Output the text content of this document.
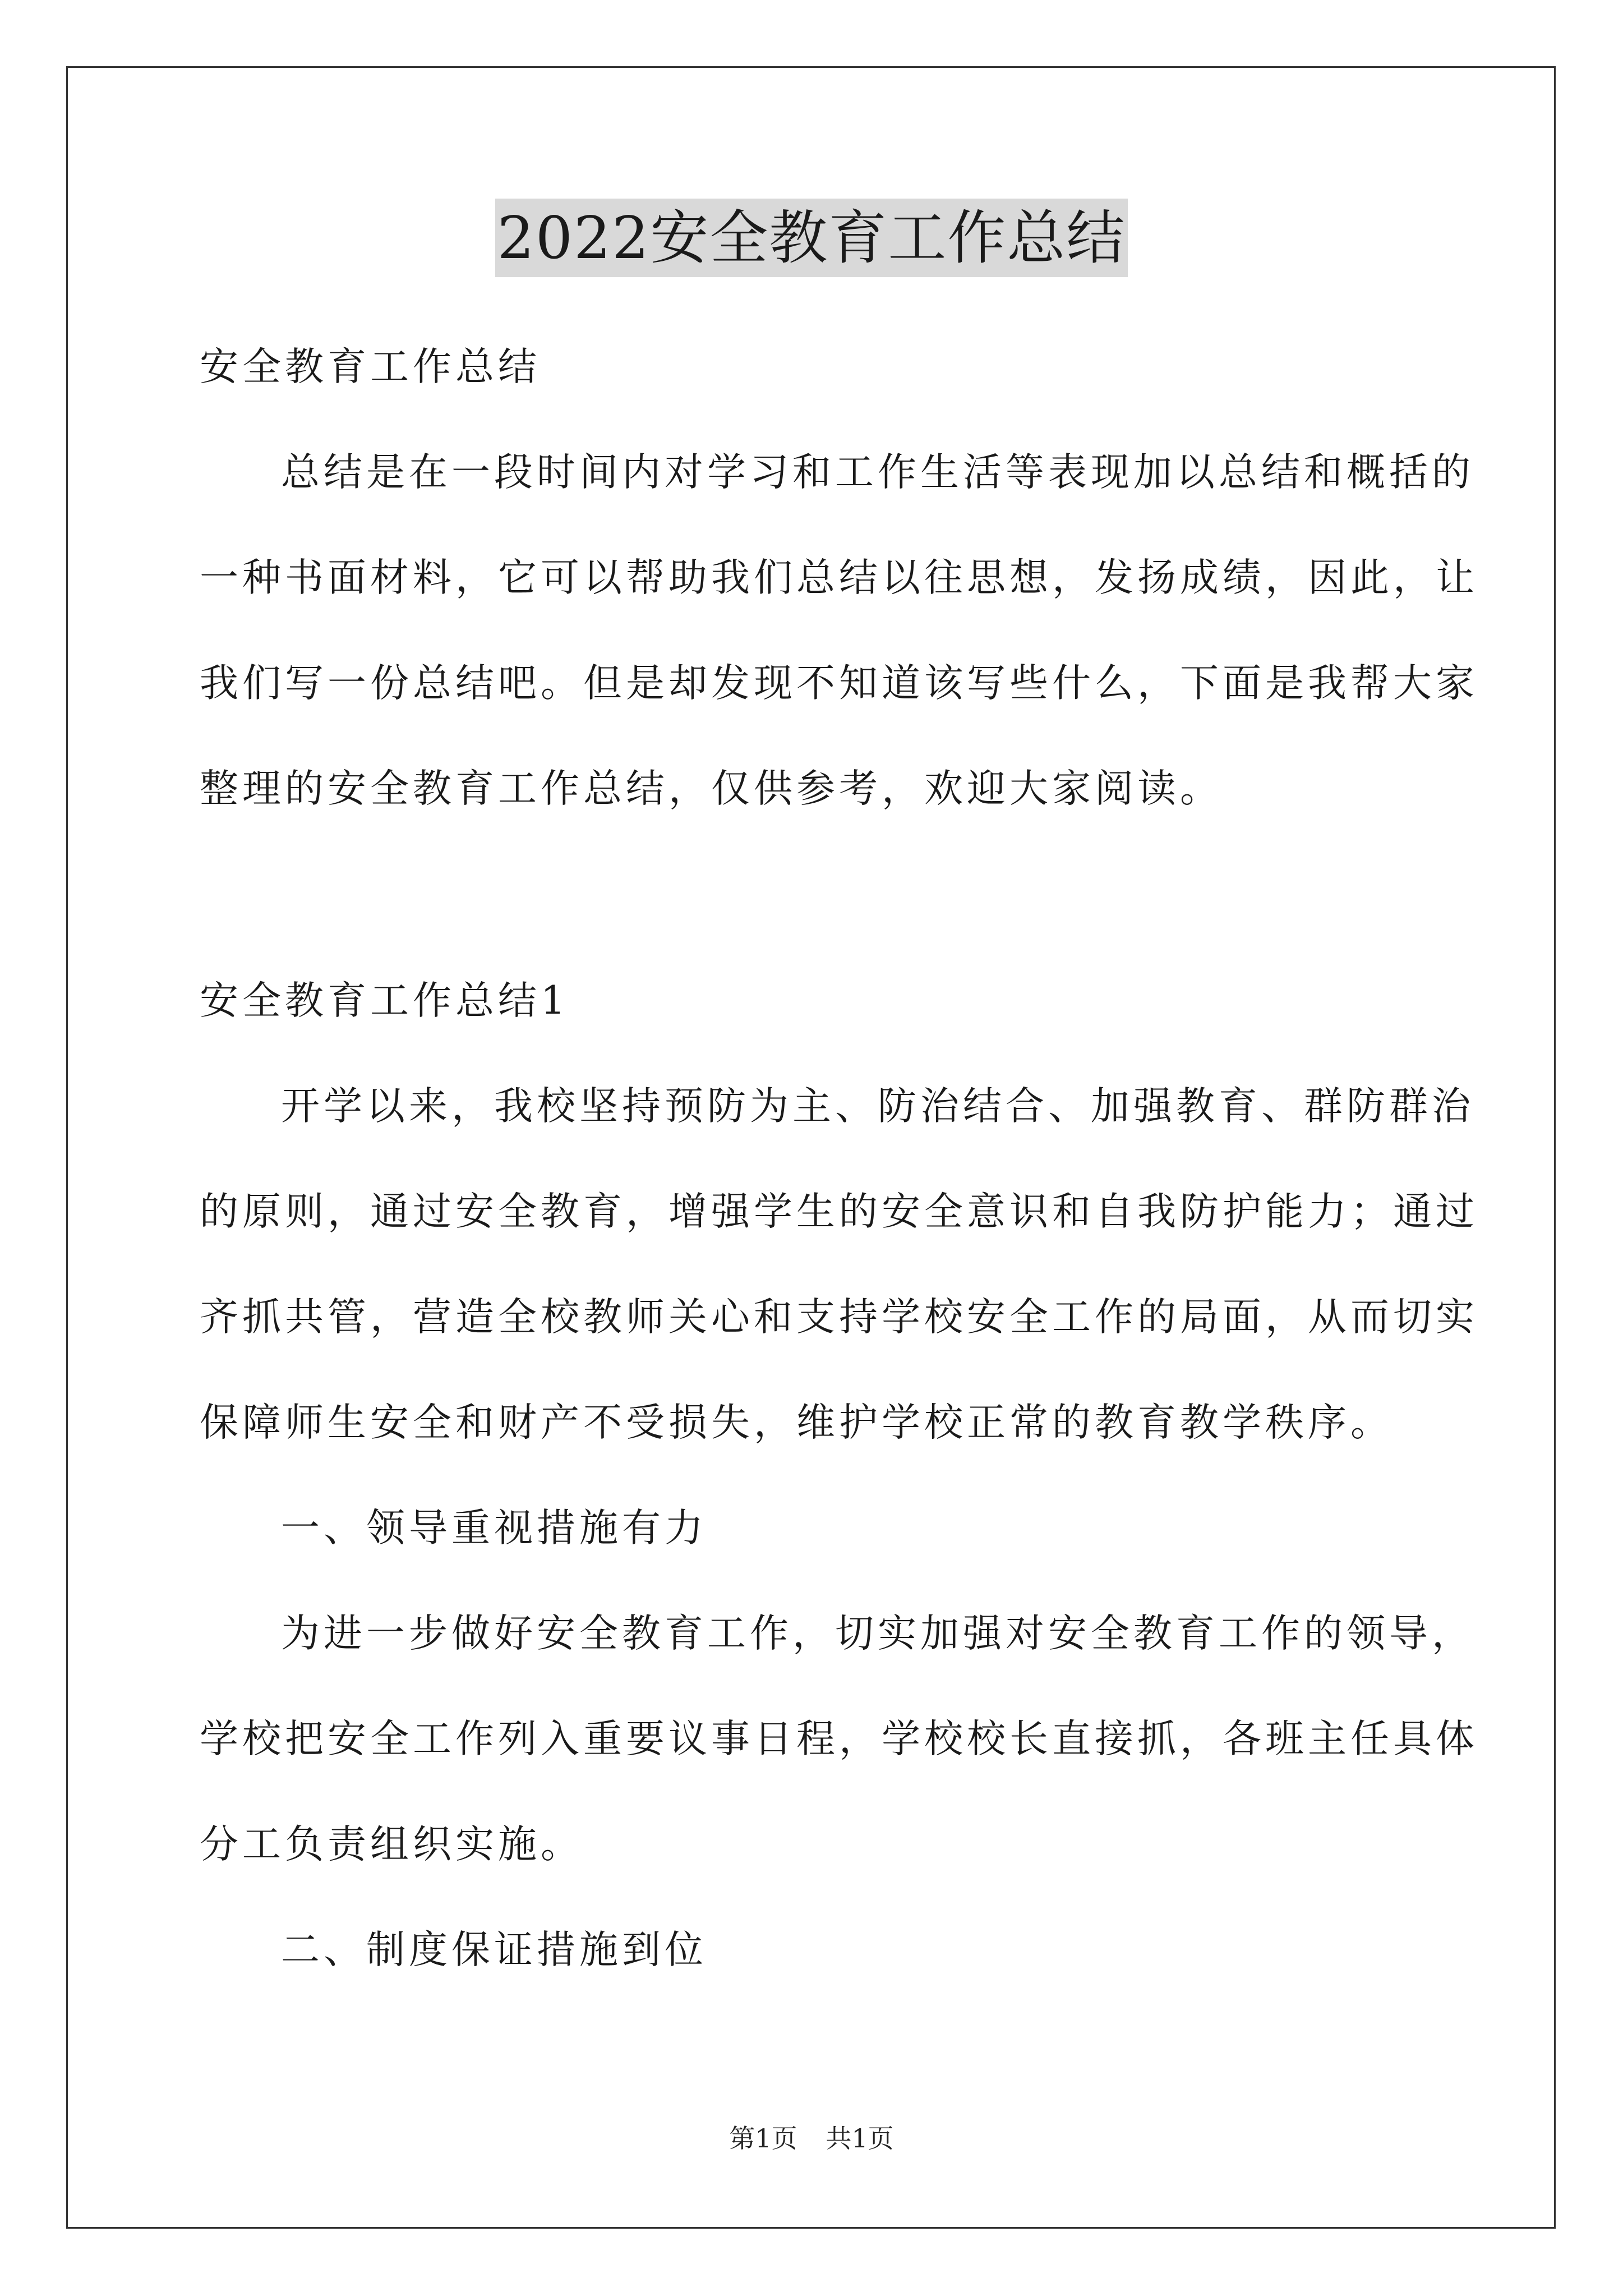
2022安全教育工作总结
安全教育工作总结
总结是在一段时间内对学习和工作生活等表现加以总结和概括的
一种书面材料，它可以帮助我们总结以往思想，发扬成绩，因此，让
我们写一份总结吧。但是却发现不知道该写些什么，下面是我帮大家
整理的安全教育工作总结，仅供参考，欢迎大家阅读。
安全教育工作总结1
开学以来，我校坚持预防为主、防治结合、加强教育、群防群治
的原则，通过安全教育，增强学生的安全意识和自我防护能力；通过
齐抓共管，营造全校教师关心和支持学校安全工作的局面，从而切实
保障师生安全和财产不受损失，维护学校正常的教育教学秩序。
一、领导重视措施有力
为进一步做好安全教育工作，切实加强对安全教育工作的领导，
学校把安全工作列入重要议事日程，学校校长直接抓，各班主任具体
分工负责组织实施。
二、制度保证措施到位
第1页 共1页
